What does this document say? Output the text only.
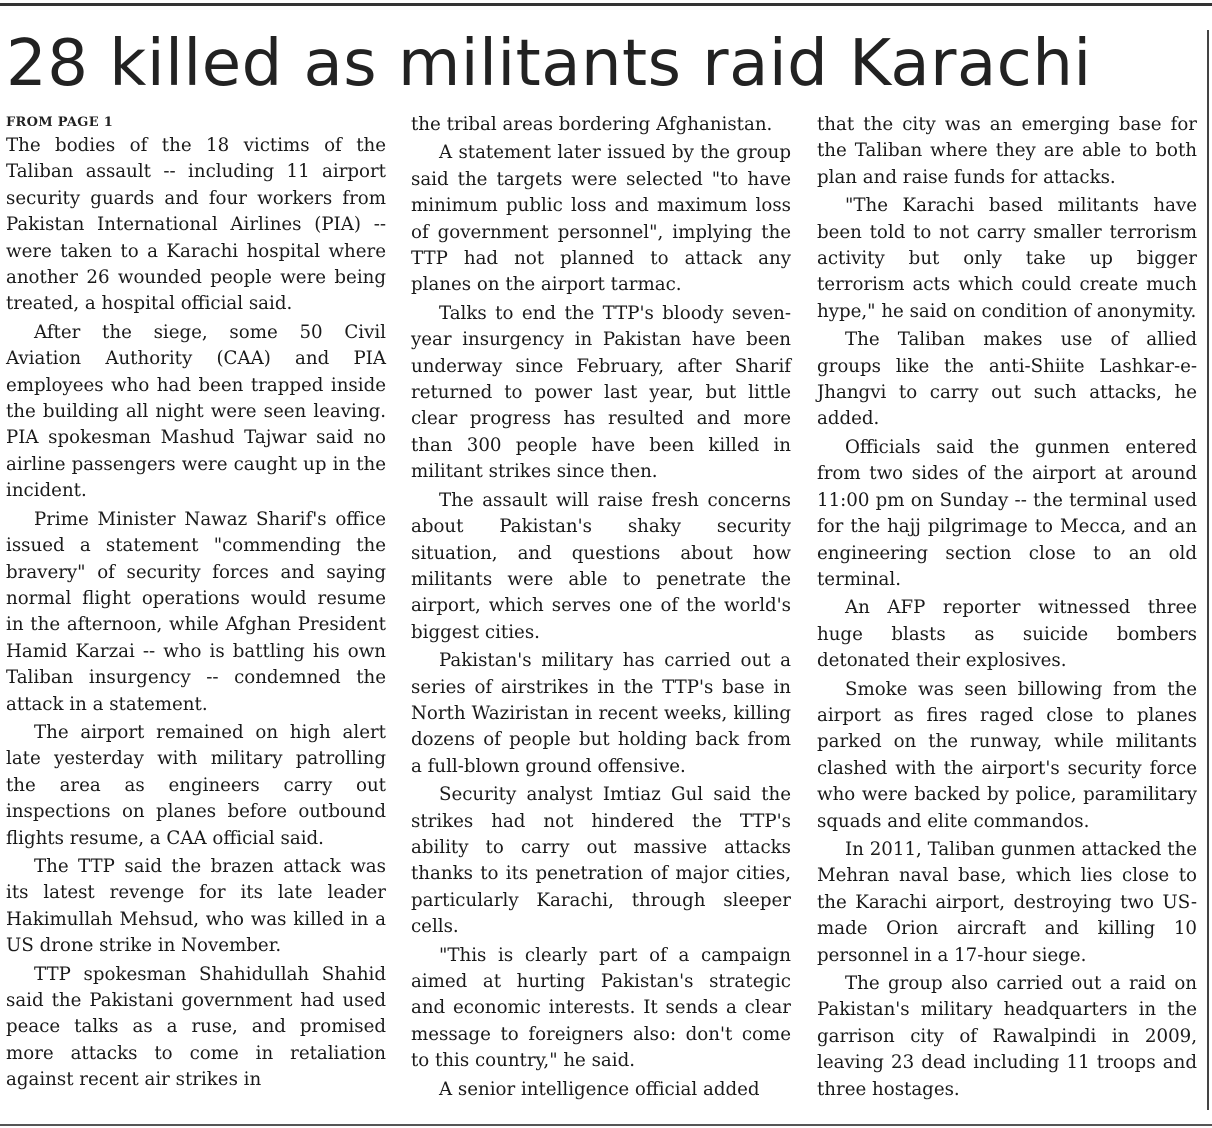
28 killed as militants raid Karachi
FROM PAGE 1

The bodies of the 18 victims of the Taliban assault -- including 11 airport security guards and four workers from Pakistan International Airlines (PIA) -- were taken to a Karachi hospital where another 26 wounded people were being treated, a hospital official said.

After the siege, some 50 Civil Aviation Authority (CAA) and PIA employees who had been trapped inside the building all night were seen leaving. PIA spokesman Mashud Tajwar said no airline passengers were caught up in the incident.

Prime Minister Nawaz Sharif's office issued a statement "commending the bravery" of security forces and saying normal flight operations would resume in the afternoon, while Afghan President Hamid Karzai -- who is battling his own Taliban insurgency -- condemned the attack in a statement.

The airport remained on high alert late yesterday with military patrolling the area as engineers carry out inspections on planes before outbound flights resume, a CAA official said.

The TTP said the brazen attack was its latest revenge for its late leader Hakimullah Mehsud, who was killed in a US drone strike in November.

TTP spokesman Shahidullah Shahid said the Pakistani government had used peace talks as a ruse, and promised more attacks to come in retaliation against recent air strikes in

the tribal areas bordering Afghanistan.

A statement later issued by the group said the targets were selected "to have minimum public loss and maximum loss of government personnel", implying the TTP had not planned to attack any planes on the airport tarmac.

Talks to end the TTP's bloody seven-year insurgency in Pakistan have been underway since February, after Sharif returned to power last year, but little clear progress has resulted and more than 300 people have been killed in militant strikes since then.

The assault will raise fresh concerns about Pakistan's shaky security situation, and questions about how militants were able to penetrate the airport, which serves one of the world's biggest cities.

Pakistan's military has carried out a series of airstrikes in the TTP's base in North Waziristan in recent weeks, killing dozens of people but holding back from a full-blown ground offensive.

Security analyst Imtiaz Gul said the strikes had not hindered the TTP's ability to carry out massive attacks thanks to its penetration of major cities, particularly Karachi, through sleeper cells.

"This is clearly part of a campaign aimed at hurting Pakistan's strategic and economic interests. It sends a clear message to foreigners also: don't come to this country," he said.

A senior intelligence official added

that the city was an emerging base for the Taliban where they are able to both plan and raise funds for attacks.

"The Karachi based militants have been told to not carry smaller terrorism activity but only take up bigger terrorism acts which could create much hype," he said on condition of anonymity.

The Taliban makes use of allied groups like the anti-Shiite Lashkar-e-Jhangvi to carry out such attacks, he added.

Officials said the gunmen entered from two sides of the airport at around 11:00 pm on Sunday -- the terminal used for the hajj pilgrimage to Mecca, and an engineering section close to an old terminal.

An AFP reporter witnessed three huge blasts as suicide bombers detonated their explosives.

Smoke was seen billowing from the airport as fires raged close to planes parked on the runway, while militants clashed with the airport's security force who were backed by police, paramilitary squads and elite commandos.

In 2011, Taliban gunmen attacked the Mehran naval base, which lies close to the Karachi airport, destroying two US-made Orion aircraft and killing 10 personnel in a 17-hour siege.

The group also carried out a raid on Pakistan's military headquarters in the garrison city of Rawalpindi in 2009, leaving 23 dead including 11 troops and three hostages.
